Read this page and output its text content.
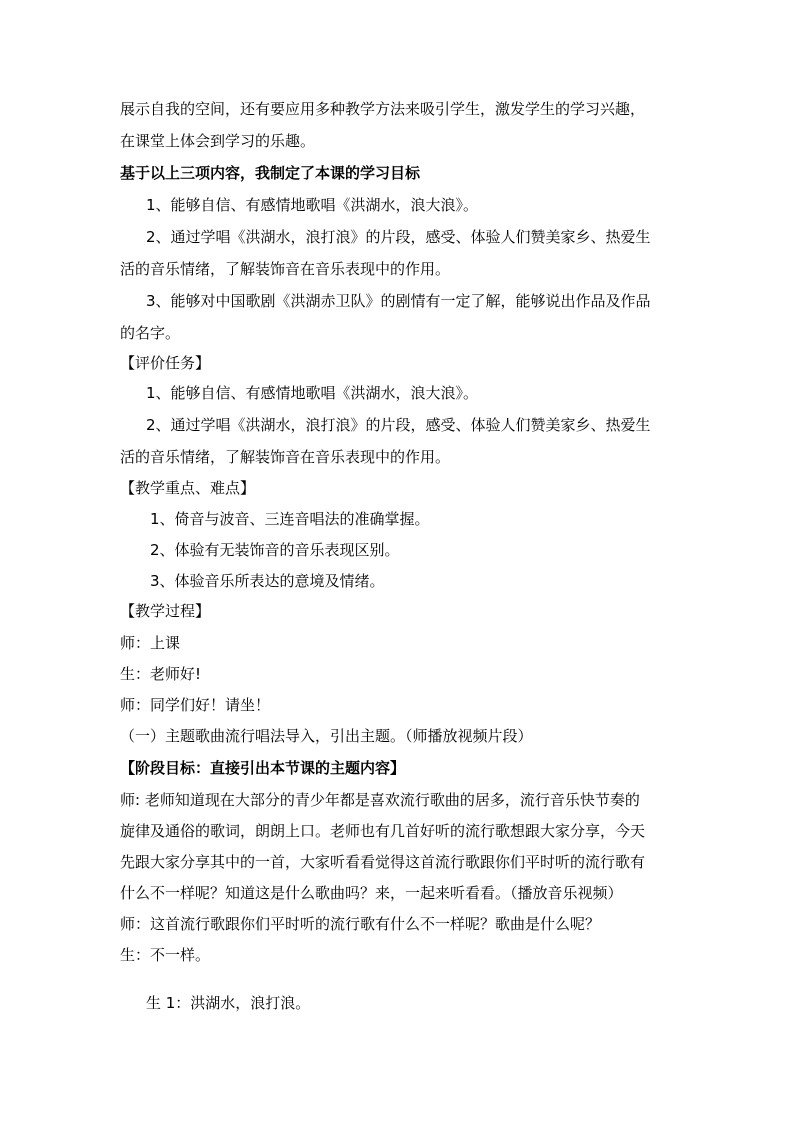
展示自我的空间，还有要应用多种教学方法来吸引学生，激发学生的学习兴趣，
在课堂上体会到学习的乐趣。
基于以上三项内容，我制定了本课的学习目标
1、能够自信、有感情地歌唱《洪湖水，浪大浪》。
2、通过学唱《洪湖水，浪打浪》的片段，感受、体验人们赞美家乡、热爱生
活的音乐情绪，了解装饰音在音乐表现中的作用。
3、能够对中国歌剧《洪湖赤卫队》的剧情有一定了解，能够说出作品及作品
的名字。
【评价任务】
1、能够自信、有感情地歌唱《洪湖水，浪大浪》。
2、通过学唱《洪湖水，浪打浪》的片段，感受、体验人们赞美家乡、热爱生
活的音乐情绪，了解装饰音在音乐表现中的作用。
【教学重点、难点】
1、倚音与波音、三连音唱法的准确掌握。
2、体验有无装饰音的音乐表现区别。
3、体验音乐所表达的意境及情绪。
【教学过程】
师：上课
生：老师好!
师：同学们好！请坐！
（一）主题歌曲流行唱法导入，引出主题。（师播放视频片段）
【阶段目标：直接引出本节课的主题内容】
师: 老师知道现在大部分的青少年都是喜欢流行歌曲的居多，流行音乐快节奏的
旋律及通俗的歌词，朗朗上口。老师也有几首好听的流行歌想跟大家分享，今天
先跟大家分享其中的一首，大家听看看觉得这首流行歌跟你们平时听的流行歌有
什么不一样呢？知道这是什么歌曲吗？来，一起来听看看。（播放音乐视频）
师：这首流行歌跟你们平时听的流行歌有什么不一样呢？歌曲是什么呢？
生：不一样。
生 1：洪湖水，浪打浪。
